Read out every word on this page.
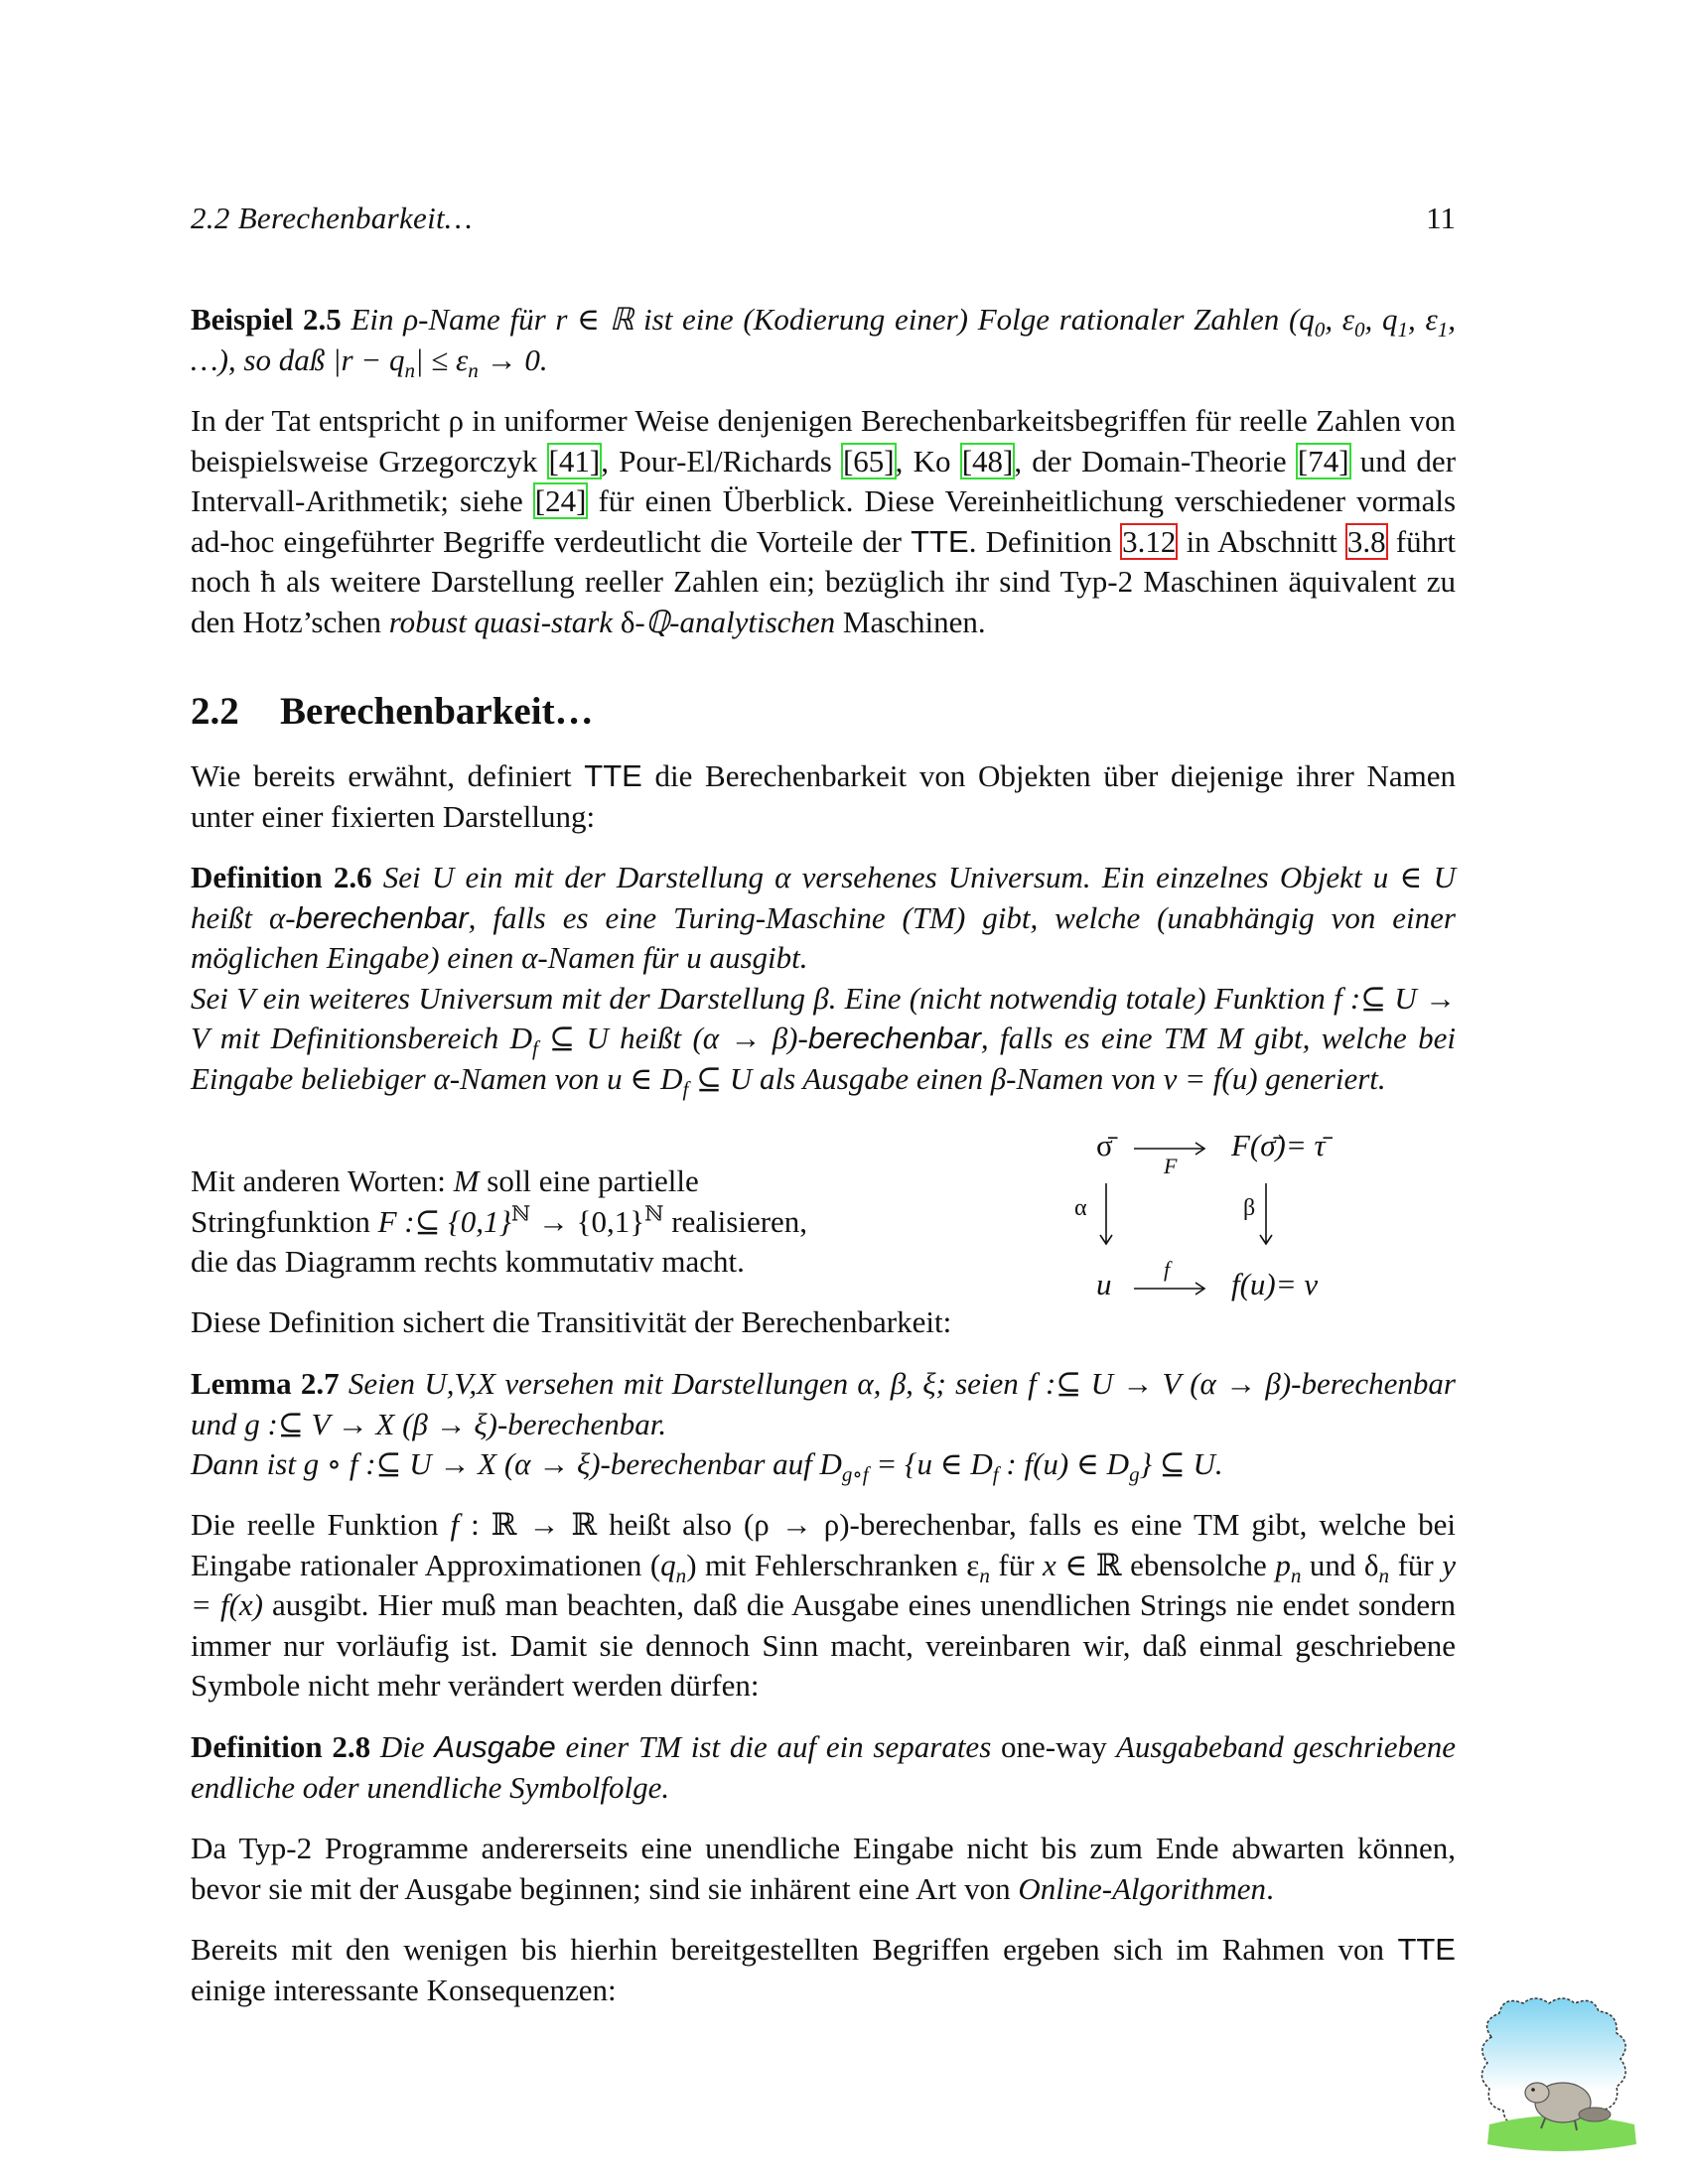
2.2 Berechenbarkeit…	11
Beispiel 2.5 Ein ρ-Name für r ∈ ℝ ist eine (Kodierung einer) Folge rationaler Zahlen ($q_0$, $\varepsilon_0$, $q_1$, $\varepsilon_1$, …), so daß $|r - q_n| \le \varepsilon_n \to 0$.
In der Tat entspricht ρ in uniformer Weise denjenigen Berechenbarkeitsbegriffen für reelle Zahlen von beispielsweise Grzegorczyk [41], Pour-El/Richards [65], Ko [48], der Domain-Theorie [74] und der Intervall-Arithmetik; siehe [24] für einen Überblick. Diese Vereinheitlichung verschiedener vormals ad-hoc eingeführter Begriffe verdeutlicht die Vorteile der TTE. Definition 3.12 in Abschnitt 3.8 führt noch ħ als weitere Darstellung reeller Zahlen ein; bezüglich ihr sind Typ-2 Maschinen äquivalent zu den Hotz’schen robust quasi-stark δ-ℚ-analytischen Maschinen.
2.2 Berechenbarkeit…
Wie bereits erwähnt, definiert TTE die Berechenbarkeit von Objekten über diejenige ihrer Namen unter einer fixierten Darstellung:
Definition 2.6 Sei U ein mit der Darstellung α versehenes Universum. Ein einzelnes Objekt u ∈ U heißt α-berechenbar, falls es eine Turing-Maschine (TM) gibt, welche (unabhängig von einer möglichen Eingabe) einen α-Namen für u ausgibt.
Sei V ein weiteres Universum mit der Darstellung β. Eine (nicht notwendig totale) Funktion f :⊆ U → V mit Definitionsbereich $D_f$ ⊆ U heißt (α → β)-berechenbar, falls es eine TM M gibt, welche bei Eingabe beliebiger α-Namen von u ∈ $D_f$ ⊆ U als Ausgabe einen β-Namen von v = f(u) generiert.
Mit anderen Worten: M soll eine partielle Stringfunktion F :⊆ $\{0,1\}^ℕ \to \{0,1\}^ℕ$ realisieren, die das Diagramm rechts kommutativ macht.
σ̄	F(σ̄)= τ̄
F
α	β
u f f(u)= v
Diese Definition sichert die Transitivität der Berechenbarkeit:
Lemma 2.7 Seien U,V,X versehen mit Darstellungen α, β, ξ; seien f :⊆ U → V (α → β)-berechenbar und g :⊆ V → X (β → ξ)-berechenbar.
Dann ist g ∘ f :⊆ U → X (α → ξ)-berechenbar auf $D_{g\circ f} = \{u$ ∈ $D_f$ : f(u) ∈ $D_g$} ⊆ U.
Die reelle Funktion f : ℝ → ℝ heißt also (ρ → ρ)-berechenbar, falls es eine TM gibt, welche bei Eingabe rationaler Approximationen $(q_n)$ mit Fehlerschranken $\varepsilon_n$ für x ∈ ℝ ebensolche $p_n$ und $\delta_n$ für y = f(x) ausgibt. Hier muß man beachten, daß die Ausgabe eines unendlichen Strings nie endet sondern immer nur vorläufig ist. Damit sie dennoch Sinn macht, vereinbaren wir, daß einmal geschriebene Symbole nicht mehr verändert werden dürfen:
Definition 2.8 Die Ausgabe einer TM ist die auf ein separates one-way Ausgabeband geschriebene endliche oder unendliche Symbolfolge.
Da Typ-2 Programme andererseits eine unendliche Eingabe nicht bis zum Ende abwarten können, bevor sie mit der Ausgabe beginnen; sind sie inhärent eine Art von Online-Algorithmen.
Bereits mit den wenigen bis hierhin bereitgestellten Begriffen ergeben sich im Rahmen von TTE einige interessante Konsequenzen:
